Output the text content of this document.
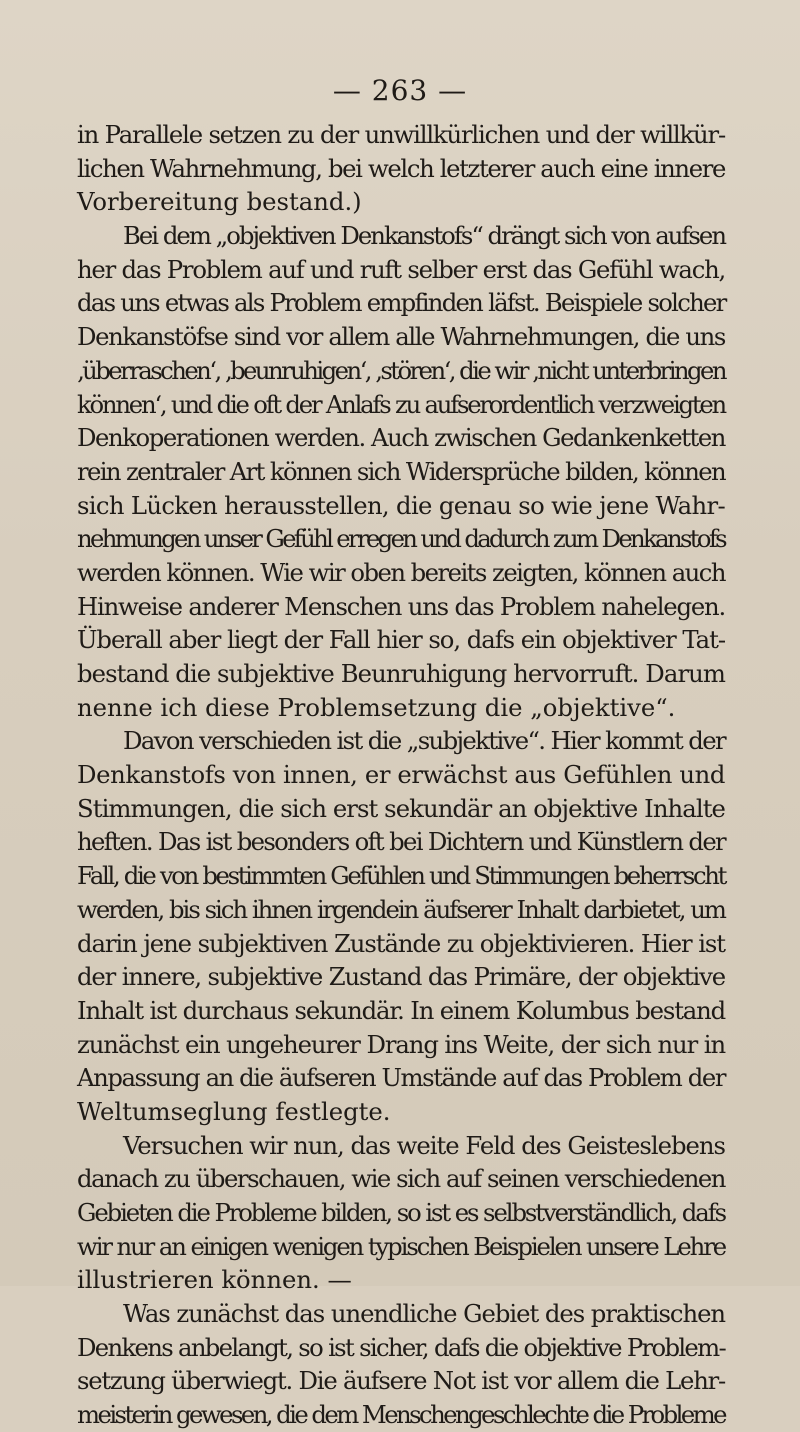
— 263 —
in Parallele setzen zu der unwillkürlichen und der willkür-
lichen Wahrnehmung, bei welch letzterer auch eine innere
Vorbereitung bestand.)
Bei dem „objektiven Denkanstofs“ drängt sich von aufsen
her das Problem auf und ruft selber erst das Gefühl wach,
das uns etwas als Problem empfinden läfst. Beispiele solcher
Denkanstöfse sind vor allem alle Wahrnehmungen, die uns
‚überraschen‘, ‚beunruhigen‘, ‚stören‘, die wir ‚nicht unterbringen
können‘, und die oft der Anlafs zu aufserordentlich verzweigten
Denkoperationen werden. Auch zwischen Gedankenketten
rein zentraler Art können sich Widersprüche bilden, können
sich Lücken herausstellen, die genau so wie jene Wahr-
nehmungen unser Gefühl erregen und dadurch zum Denkanstofs
werden können. Wie wir oben bereits zeigten, können auch
Hinweise anderer Menschen uns das Problem nahelegen.
Überall aber liegt der Fall hier so, dafs ein objektiver Tat-
bestand die subjektive Beunruhigung hervorruft. Darum
nenne ich diese Problemsetzung die „objektive“.
Davon verschieden ist die „subjektive“. Hier kommt der
Denkanstofs von innen, er erwächst aus Gefühlen und
Stimmungen, die sich erst sekundär an objektive Inhalte
heften. Das ist besonders oft bei Dichtern und Künstlern der
Fall, die von bestimmten Gefühlen und Stimmungen beherrscht
werden, bis sich ihnen irgendein äufserer Inhalt darbietet, um
darin jene subjektiven Zustände zu objektivieren. Hier ist
der innere, subjektive Zustand das Primäre, der objektive
Inhalt ist durchaus sekundär. In einem Kolumbus bestand
zunächst ein ungeheurer Drang ins Weite, der sich nur in
Anpassung an die äufseren Umstände auf das Problem der
Weltumseglung festlegte.
Versuchen wir nun, das weite Feld des Geisteslebens
danach zu überschauen, wie sich auf seinen verschiedenen
Gebieten die Probleme bilden, so ist es selbstverständlich, dafs
wir nur an einigen wenigen typischen Beispielen unsere Lehre
illustrieren können. —
Was zunächst das unendliche Gebiet des praktischen
Denkens anbelangt, so ist sicher, dafs die objektive Problem-
setzung überwiegt. Die äufsere Not ist vor allem die Lehr-
meisterin gewesen, die dem Menschengeschlechte die Probleme
